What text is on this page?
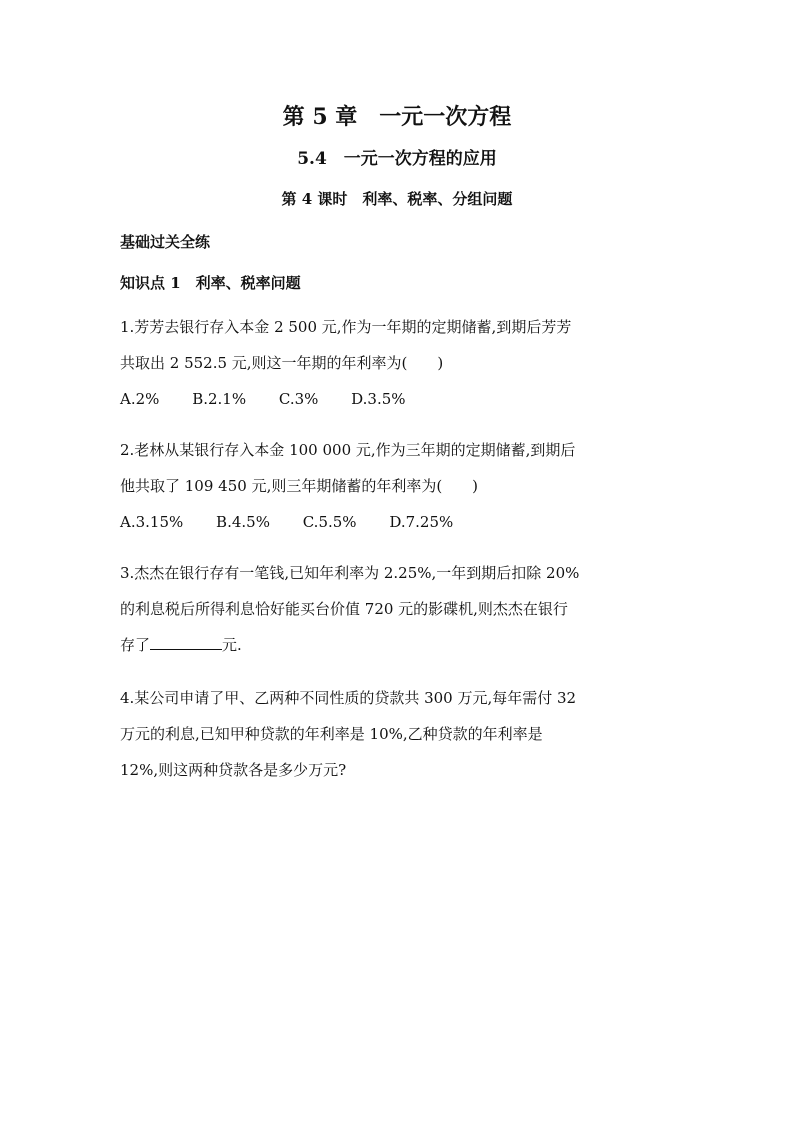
第 5 章　一元一次方程
5.4　一元一次方程的应用
第 4 课时　利率、税率、分组问题
基础过关全练
知识点 1　利率、税率问题
1.芳芳去银行存入本金 2 500 元,作为一年期的定期储蓄,到期后芳芳
共取出 2 552.5 元,则这一年期的年利率为(　　)
A.2% B.2.1% C.3% D.3.5%
2.老林从某银行存入本金 100 000 元,作为三年期的定期储蓄,到期后
他共取了 109 450 元,则三年期储蓄的年利率为(　　)
A.3.15% B.4.5% C.5.5% D.7.25%
3.杰杰在银行存有一笔钱,已知年利率为 2.25%,一年到期后扣除 20%
的利息税后所得利息恰好能买台价值 720 元的影碟机,则杰杰在银行
存了	元.
4.某公司申请了甲、乙两种不同性质的贷款共 300 万元,每年需付 32
万元的利息,已知甲种贷款的年利率是 10%,乙种贷款的年利率是
12%,则这两种贷款各是多少万元?
